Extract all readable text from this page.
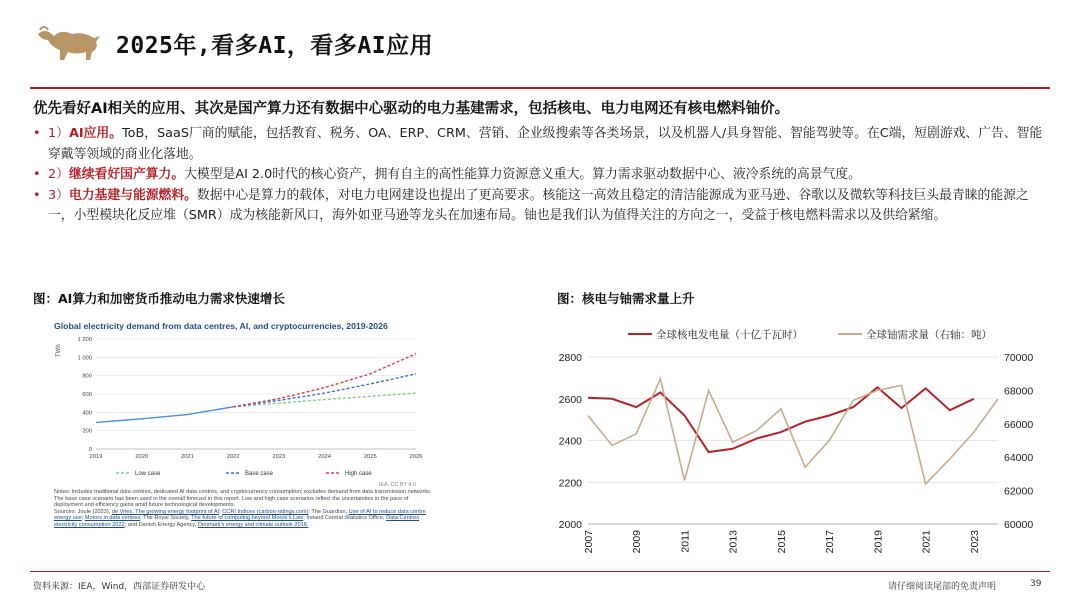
2025年,看多AI，看多AI应用
优先看好AI相关的应用、其次是国产算力还有数据中心驱动的电力基建需求，包括核电、电力电网还有核电燃料铀价。
• 1）AI应用。ToB，SaaS厂商的赋能，包括教育、税务、OA、ERP、CRM、营销、企业级搜索等各类场景，以及机器人/具身智能、智能驾驶等。在C端，短剧游戏、广告、智能穿戴等领域的商业化落地。
• 2）继续看好国产算力。大模型是AI 2.0时代的核心资产，拥有自主的高性能算力资源意义重大。算力需求驱动数据中心、液冷系统的高景气度。
• 3）电力基建与能源燃料。数据中心是算力的载体，对电力电网建设也提出了更高要求。核能这一高效且稳定的清洁能源成为亚马逊、谷歌以及微软等科技巨头最青睐的能源之一，小型模块化反应堆（SMR）成为核能新风口，海外如亚马逊等龙头在加速布局。铀也是我们认为值得关注的方向之一，受益于核电燃料需求以及供给紧缩。
图：AI算力和加密货币推动电力需求快速增长	图：核电与铀需求量上升
Global electricity demand from data centres, AI, and cryptocurrencies, 2019-2026
TWh
0
200
400
600
800
1 000
1 200
2019	2020	2021	2022	2023	2024	2025	2026
Low case	Base case	High case
IEA. CC BY 4.0
Notes: Includes traditional data centres, dedicated AI data centres, and cryptocurrency consumption; excludes demand from data transmission networks. The base case scenario has been used in the overall forecast in this report. Low and high case scenarios reflect the uncertainties in the pace of deployment and efficiency gains amid future technological developments.
Sources: Joule (2023), de Vries, The growing energy footprint of AI; CCRI Indices (carbon-ratings.com); The Guardian, Use of AI to reduce data centre energy use; Motors in data centres; The Royal Society, The future of computing beyond Moore's Law; Ireland Central Statistics Office, Data Centres electricity consumption 2022; and Danish Energy Agency, Denmark's energy and climate outlook 2018.	2000
2200
2400
2600
2800
60000
62000
64000
66000
68000
70000
2007	2009	2011	2013	2015	2017	2019	2021	2023
全球核电发电量（十亿千瓦时）	全球铀需求量（右轴：吨）
资料来源：IEA，Wind，西部证券研发中心	请仔细阅读尾部的免责声明	39
